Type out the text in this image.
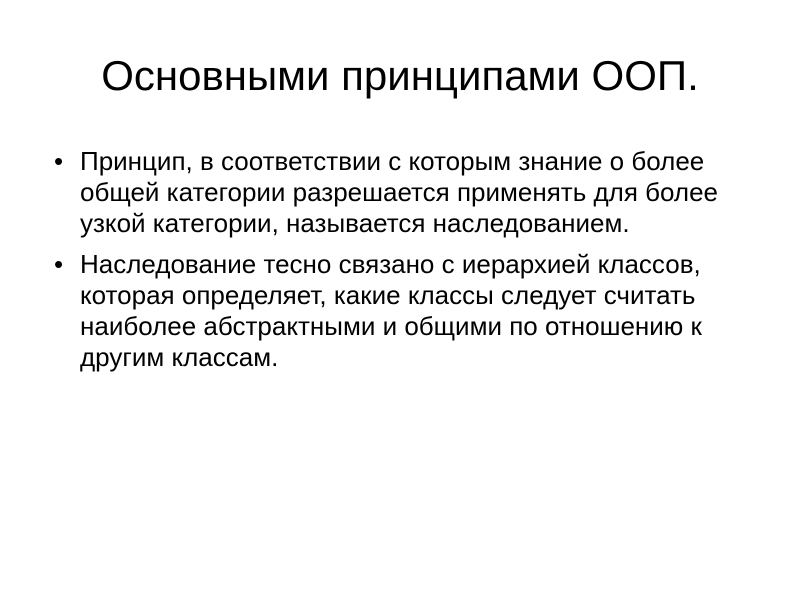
Основными принципами ООП.
• Принцип, в соответствии с которым знание о более общей категории разрешается применять для более узкой категории, называется наследованием.
• Наследование тесно связано с иерархией классов, которая определяет, какие классы следует считать наиболее абстрактными и общими по отношению к другим классам.
